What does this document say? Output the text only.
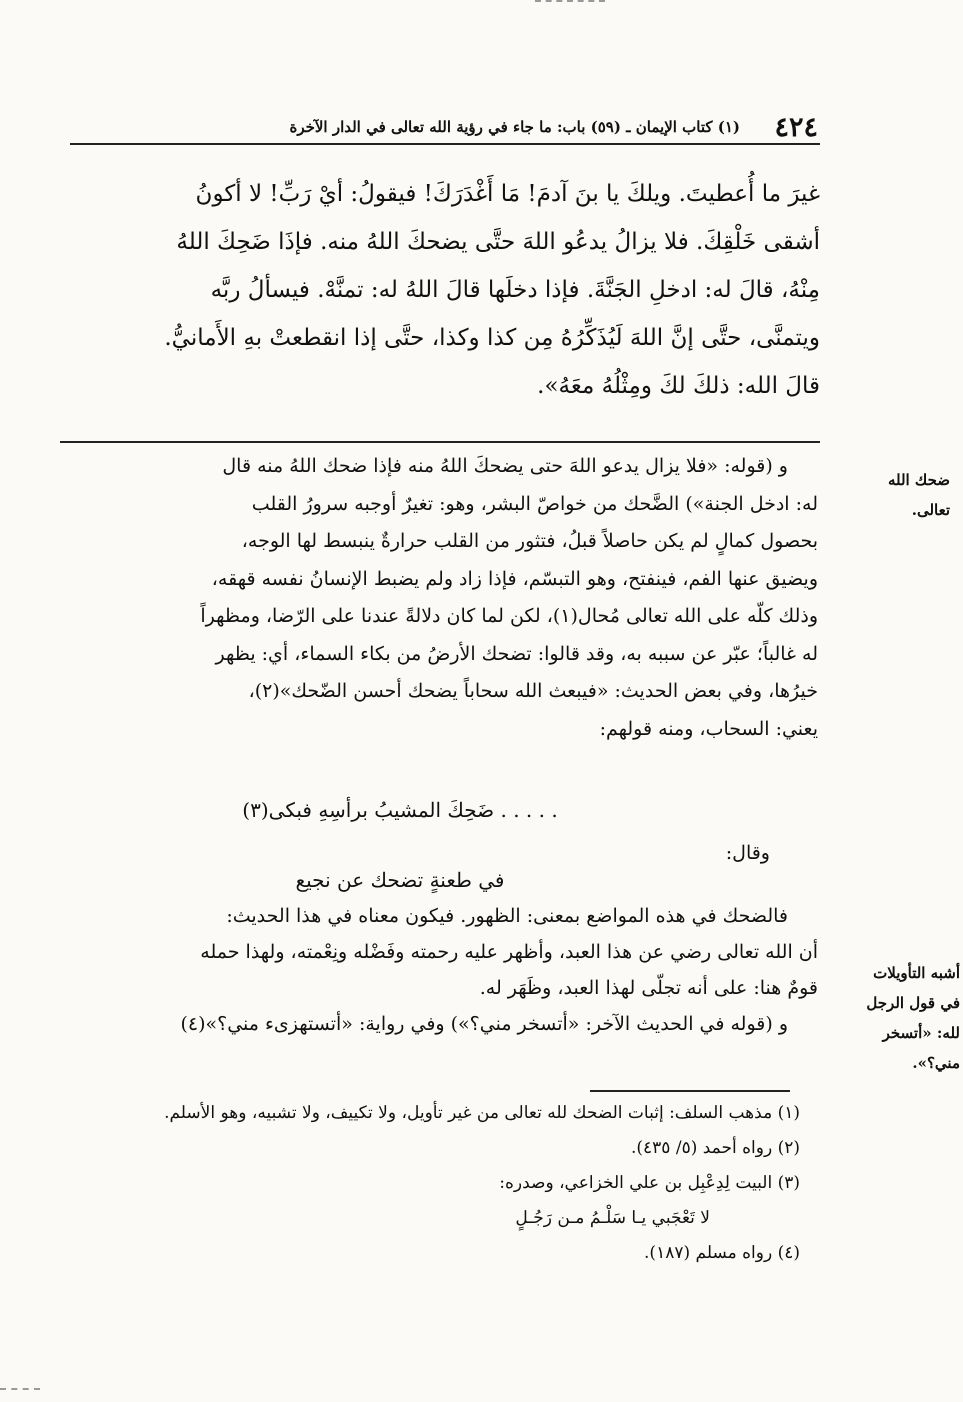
(١) كتاب الإيمان ـ (٥٩) باب: ما جاء في رؤية الله تعالى في الدار الآخرة	٤٢٤

غيرَ ما أُعطيتَ. ويلكَ يا بنَ آدمَ! مَا أَغْدَرَكَ! فيقولُ: أيْ رَبِّ! لا أكونُ

أشقى خَلْقِكَ. فلا يزالُ يدعُو اللهَ حتَّى يضحكَ اللهُ منه. فإذَا ضَحِكَ اللهُ

مِنْهُ، قالَ له: ادخلِ الجَنَّةَ. فإذا دخلَها قالَ اللهُ له: تمنَّهْ. فيسألُ ربَّه

ويتمنَّى، حتَّى إنَّ اللهَ لَيُذَكِّرُهُ مِن كذا وكذا، حتَّى إذا انقطعتْ بهِ الأَمانيُّ.

قالَ الله: ذلكَ لكَ ومِثْلُهُ معَهُ».

ضحك الله
تعالى.

و (قوله: «فلا يزال يدعو اللهَ حتى يضحكَ اللهُ منه فإذا ضحك اللهُ منه قال

له: ادخل الجنة») الضَّحك من خواصّ البشر، وهو: تغيرٌ أوجبه سرورُ القلب

بحصول كمالٍ لم يكن حاصلاً قبلُ، فتثور من القلب حرارةٌ ينبسط لها الوجه،

ويضيق عنها الفم، فينفتح، وهو التبسّم، فإذا زاد ولم يضبط الإنسانُ نفسه قهقه،

وذلك كلّه على الله تعالى مُحال(١)، لكن لما كان دلالةً عندنا على الرّضا، ومظهراً

له غالباً؛ عبّر عن سببه به، وقد قالوا: تضحك الأرضُ من بكاء السماء، أي: يظهر

خيرُها، وفي بعض الحديث: «فيبعث الله سحاباً يضحك أحسن الضّحك»(٢)،

يعني: السحاب، ومنه قولهم:

. . . . . ضَحِكَ المشيبُ برأسِهِ فبكى(٣)
وقال:
في طعنةٍ تضحك عن نجيع

فالضحك في هذه المواضع بمعنى: الظهور. فيكون معناه في هذا الحديث:

أن الله تعالى رضي عن هذا العبد، وأظهر عليه رحمته وفَضْله ونِعْمته، ولهذا حمله

قومٌ هنا: على أنه تجلّى لهذا العبد، وظَهَر له.

و (قوله في الحديث الآخر: «أتسخر مني؟») وفي رواية: «أتستهزىء مني؟»(٤)

أشبه التأويلات
في قول الرجل
لله: «أتسخر
مني؟».

(١) مذهب السلف: إثبات الضحك لله تعالى من غير تأويل، ولا تكييف، ولا تشبيه، وهو الأسلم.

(٢) رواه أحمد (٥/ ٤٣٥).

(٣) البيت لِدِعْبِل بن علي الخزاعي، وصدره:

لا تَعْجَبي يـا سَلْـمُ مـن رَجُـلٍ

(٤) رواه مسلم (١٨٧).
